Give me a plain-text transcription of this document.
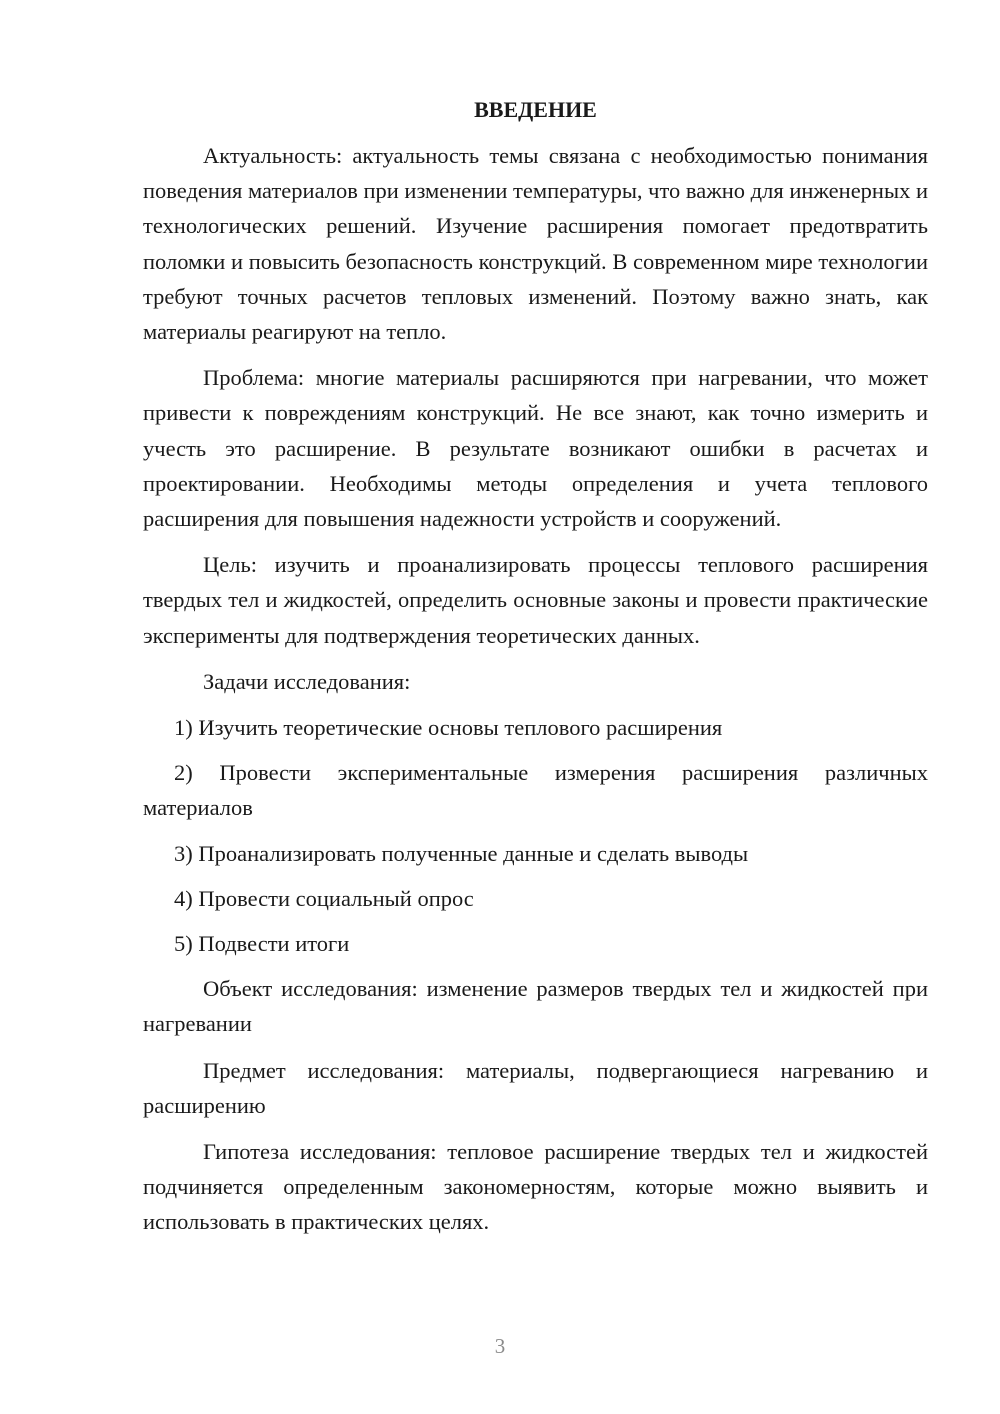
ВВЕДЕНИЕ

Актуальность: актуальность темы связана с необходимостью понимания поведения материалов при изменении температуры, что важно для инженерных и технологических решений. Изучение расширения помогает предотвратить поломки и повысить безопасность конструкций. В современном мире технологии требуют точных расчетов тепловых изменений. Поэтому важно знать, как материалы реагируют на тепло.

Проблема: многие материалы расширяются при нагревании, что может привести к повреждениям конструкций. Не все знают, как точно измерить и учесть это расширение. В результате возникают ошибки в расчетах и проектировании. Необходимы методы определения и учета теплового расширения для повышения надежности устройств и сооружений.

Цель: изучить и проанализировать процессы теплового расширения твердых тел и жидкостей, определить основные законы и провести практические эксперименты для подтверждения теоретических данных.

Задачи исследования:

1) Изучить теоретические основы теплового расширения

2) Провести экспериментальные измерения расширения различных материалов

3) Проанализировать полученные данные и сделать выводы

4) Провести социальный опрос

5) Подвести итоги

Объект исследования: изменение размеров твердых тел и жидкостей при нагревании

Предмет исследования: материалы, подвергающиеся нагреванию и расширению

Гипотеза исследования: тепловое расширение твердых тел и жидкостей подчиняется определенным закономерностям, которые можно выявить и использовать в практических целях.

3
